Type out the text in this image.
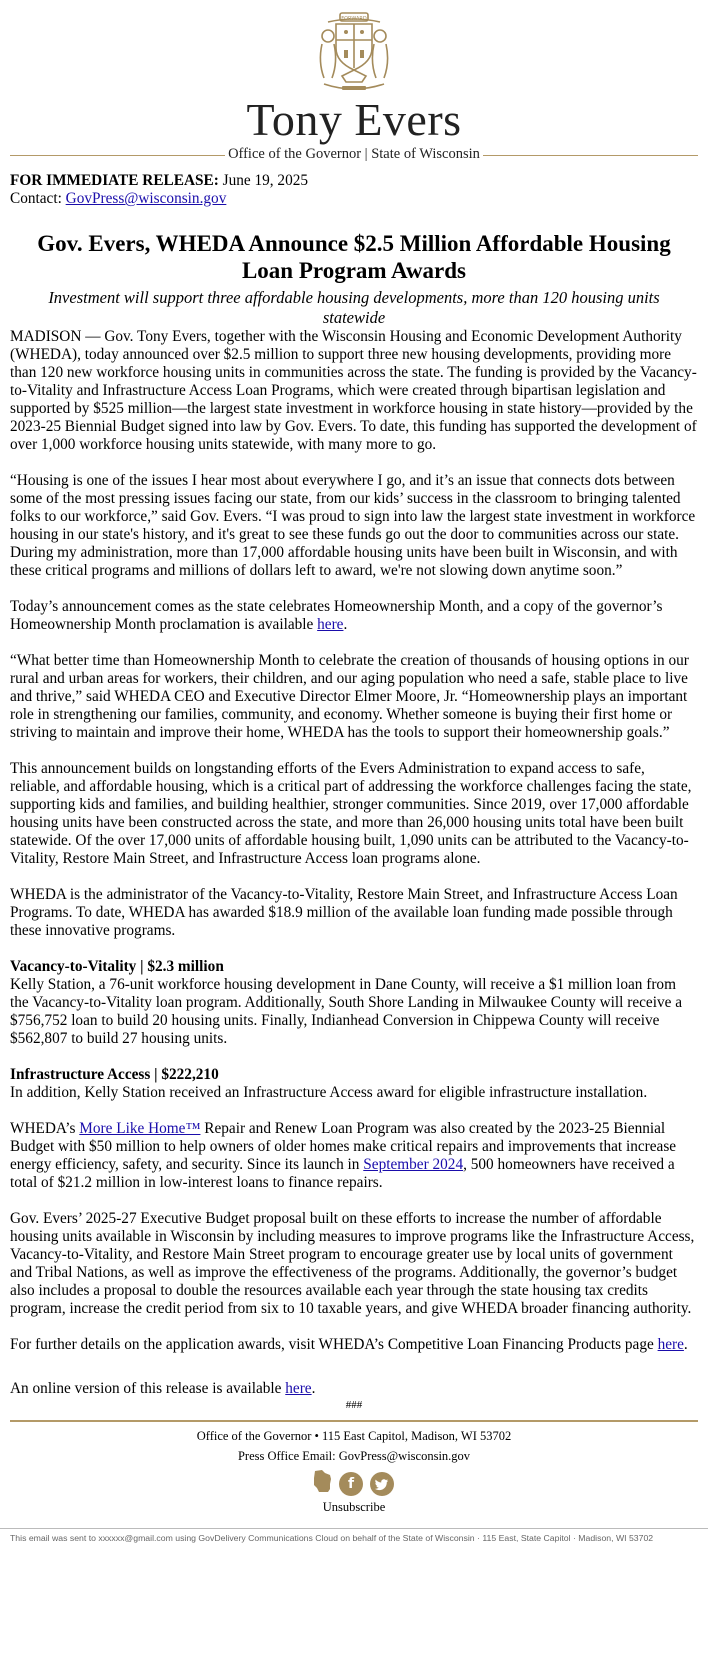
FORWARD
Tony Evers
Office of the Governor | State of Wisconsin

FOR IMMEDIATE RELEASE: June 19, 2025

Contact: GovPress@wisconsin.gov

Gov. Evers, WHEDA Announce $2.5 Million Affordable Housing Loan Program Awards
Investment will support three affordable housing developments, more than 120 housing units statewide

MADISON — Gov. Tony Evers, together with the Wisconsin Housing and Economic Development Authority (WHEDA), today announced over $2.5 million to support three new housing developments, providing more than 120 new workforce housing units in communities across the state. The funding is provided by the Vacancy-to-Vitality and Infrastructure Access Loan Programs, which were created through bipartisan legislation and supported by $525 million—the largest state investment in workforce housing in state history—provided by the 2023-25 Biennial Budget signed into law by Gov. Evers. To date, this funding has supported the development of over 1,000 workforce housing units statewide, with many more to go.

“Housing is one of the issues I hear most about everywhere I go, and it’s an issue that connects dots between some of the most pressing issues facing our state, from our kids’ success in the classroom to bringing talented folks to our workforce,” said Gov. Evers. “I was proud to sign into law the largest state investment in workforce housing in our state's history, and it's great to see these funds go out the door to communities across our state. During my administration, more than 17,000 affordable housing units have been built in Wisconsin, and with these critical programs and millions of dollars left to award, we're not slowing down anytime soon.”

Today’s announcement comes as the state celebrates Homeownership Month, and a copy of the governor’s Homeownership Month proclamation is available here.

“What better time than Homeownership Month to celebrate the creation of thousands of housing options in our rural and urban areas for workers, their children, and our aging population who need a safe, stable place to live and thrive,” said WHEDA CEO and Executive Director Elmer Moore, Jr. “Homeownership plays an important role in strengthening our families, community, and economy. Whether someone is buying their first home or striving to maintain and improve their home, WHEDA has the tools to support their homeownership goals.”

This announcement builds on longstanding efforts of the Evers Administration to expand access to safe, reliable, and affordable housing, which is a critical part of addressing the workforce challenges facing the state, supporting kids and families, and building healthier, stronger communities. Since 2019, over 17,000 affordable housing units have been constructed across the state, and more than 26,000 housing units total have been built statewide. Of the over 17,000 units of affordable housing built, 1,090 units can be attributed to the Vacancy-to-Vitality, Restore Main Street, and Infrastructure Access loan programs alone.

WHEDA is the administrator of the Vacancy-to-Vitality, Restore Main Street, and Infrastructure Access Loan Programs. To date, WHEDA has awarded $18.9 million of the available loan funding made possible through these innovative programs.

Vacancy-to-Vitality | $2.3 million

Kelly Station, a 76-unit workforce housing development in Dane County, will receive a $1 million loan from the Vacancy-to-Vitality loan program. Additionally, South Shore Landing in Milwaukee County will receive a $756,752 loan to build 20 housing units. Finally, Indianhead Conversion in Chippewa County will receive $562,807 to build 27 housing units.

Infrastructure Access | $222,210

In addition, Kelly Station received an Infrastructure Access award for eligible infrastructure installation.

WHEDA’s More Like Home™ Repair and Renew Loan Program was also created by the 2023-25 Biennial Budget with $50 million to help owners of older homes make critical repairs and improvements that increase energy efficiency, safety, and security. Since its launch in September 2024, 500 homeowners have received a total of $21.2 million in low-interest loans to finance repairs.

Gov. Evers’ 2025-27 Executive Budget proposal built on these efforts to increase the number of affordable housing units available in Wisconsin by including measures to improve programs like the Infrastructure Access, Vacancy-to-Vitality, and Restore Main Street program to encourage greater use by local units of government and Tribal Nations, as well as improve the effectiveness of the programs. Additionally, the governor’s budget also includes a proposal to double the resources available each year through the state housing tax credits program, increase the credit period from six to 10 taxable years, and give WHEDA broader financing authority.

For further details on the application awards, visit WHEDA’s Competitive Loan Financing Products page here.

An online version of this release is available here.

###
Office of the Governor • 115 East Capitol, Madison, WI 53702
Press Office Email: GovPress@wisconsin.gov
f
Unsubscribe
This email was sent to xxxxxx@gmail.com using GovDelivery Communications Cloud on behalf of the State of Wisconsin · 115 East, State Capitol · Madison, WI 53702
